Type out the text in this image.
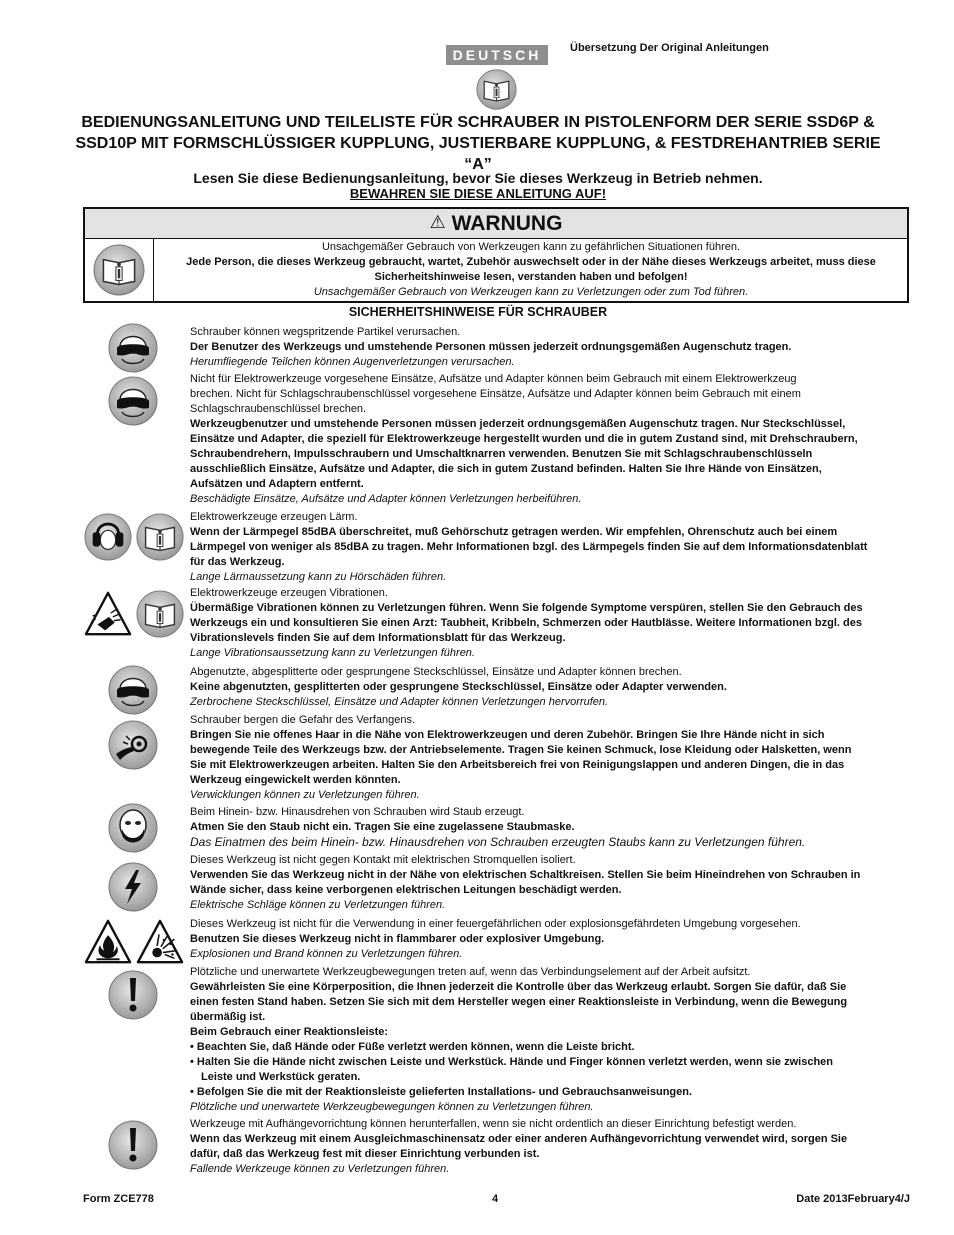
DEUTSCH	Übersetzung Der Original Anleitungen
BEDIENUNGSANLEITUNG UND TEILELISTE FÜR SCHRAUBER IN PISTOLENFORM DER SERIE SSD6P & SSD10P MIT FORMSCHLÜSSIGER KUPPLUNG, JUSTIERBARE KUPPLUNG, & FESTDREHANTRIEB SERIE “A”
Lesen Sie diese Bedienungsanleitung, bevor Sie dieses Werkzeug in Betrieb nehmen.
BEWAHREN SIE DIESE ANLEITUNG AUF!
⚠ WARNUNG
Unsachgemäßer Gebrauch von Werkzeugen kann zu gefährlichen Situationen führen.
Jede Person, die dieses Werkzeug gebraucht, wartet, Zubehör auswechselt oder in der Nähe dieses Werkzeugs arbeitet, muss diese
Sicherheitshinweise lesen, verstanden haben und befolgen!
Unsachgemäßer Gebrauch von Werkzeugen kann zu Verletzungen oder zum Tod führen.
SICHERHEITSHINWEISE FÜR SCHRAUBER
Schrauber können wegspritzende Partikel verursachen.
Der Benutzer des Werkzeugs und umstehende Personen müssen jederzeit ordnungsgemäßen Augenschutz tragen.
Herumfliegende Teilchen können Augenverletzungen verursachen.
Nicht für Elektrowerkzeuge vorgesehene Einsätze, Aufsätze und Adapter können beim Gebrauch mit einem Elektrowerkzeug
brechen. Nicht für Schlagschraubenschlüssel vorgesehene Einsätze, Aufsätze und Adapter können beim Gebrauch mit einem
Schlagschraubenschlüssel brechen.
Werkzeugbenutzer und umstehende Personen müssen jederzeit ordnungsgemäßen Augenschutz tragen. Nur Steckschlüssel,
Einsätze und Adapter, die speziell für Elektrowerkzeuge hergestellt wurden und die in gutem Zustand sind, mit Drehschraubern,
Schraubendrehern, Impulsschraubern und Umschaltknarren verwenden. Benutzen Sie mit Schlagschraubenschlüsseln
ausschließlich Einsätze, Aufsätze und Adapter, die sich in gutem Zustand befinden. Halten Sie Ihre Hände von Einsätzen,
Aufsätzen und Adaptern entfernt.
Beschädigte Einsätze, Aufsätze und Adapter können Verletzungen herbeiführen.
Elektrowerkzeuge erzeugen Lärm.
Wenn der Lärmpegel 85dBA überschreitet, muß Gehörschutz getragen werden. Wir empfehlen, Ohrenschutz auch bei einem
Lärmpegel von weniger als 85dBA zu tragen. Mehr Informationen bzgl. des Lärmpegels finden Sie auf dem Informationsdatenblatt
für das Werkzeug.
Lange Lärmaussetzung kann zu Hörschäden führen.
Elektrowerkzeuge erzeugen Vibrationen.
Übermäßige Vibrationen können zu Verletzungen führen. Wenn Sie folgende Symptome verspüren, stellen Sie den Gebrauch des
Werkzeugs ein und konsultieren Sie einen Arzt: Taubheit, Kribbeln, Schmerzen oder Hautblässe. Weitere Informationen bzgl. des
Vibrationslevels finden Sie auf dem Informationsblatt für das Werkzeug.
Lange Vibrationsaussetzung kann zu Verletzungen führen.
Abgenutzte, abgesplitterte oder gesprungene Steckschlüssel, Einsätze und Adapter können brechen.
Keine abgenutzten, gesplitterten oder gesprungene Steckschlüssel, Einsätze oder Adapter verwenden.
Zerbrochene Steckschlüssel, Einsätze und Adapter können Verletzungen hervorrufen.
Schrauber bergen die Gefahr des Verfangens.
Bringen Sie nie offenes Haar in die Nähe von Elektrowerkzeugen und deren Zubehör. Bringen Sie Ihre Hände nicht in sich
bewegende Teile des Werkzeugs bzw. der Antriebselemente. Tragen Sie keinen Schmuck, lose Kleidung oder Halsketten, wenn
Sie mit Elektrowerkzeugen arbeiten. Halten Sie den Arbeitsbereich frei von Reinigungslappen und anderen Dingen, die in das
Werkzeug eingewickelt werden könnten.
Verwicklungen können zu Verletzungen führen.
Beim Hinein- bzw. Hinausdrehen von Schrauben wird Staub erzeugt.
Atmen Sie den Staub nicht ein. Tragen Sie eine zugelassene Staubmaske.
Das Einatmen des beim Hinein- bzw. Hinausdrehen von Schrauben erzeugten Staubs kann zu Verletzungen führen.
Dieses Werkzeug ist nicht gegen Kontakt mit elektrischen Stromquellen isoliert.
Verwenden Sie das Werkzeug nicht in der Nähe von elektrischen Schaltkreisen. Stellen Sie beim Hineindrehen von Schrauben in
Wände sicher, dass keine verborgenen elektrischen Leitungen beschädigt werden.
Elektrische Schläge können zu Verletzungen führen.
Dieses Werkzeug ist nicht für die Verwendung in einer feuergefährlichen oder explosionsgefährdeten Umgebung vorgesehen.
Benutzen Sie dieses Werkzeug nicht in flammbarer oder explosiver Umgebung.
Explosionen und Brand können zu Verletzungen führen.
Plötzliche und unerwartete Werkzeugbewegungen treten auf, wenn das Verbindungselement auf der Arbeit aufsitzt.
Gewährleisten Sie eine Körperposition, die Ihnen jederzeit die Kontrolle über das Werkzeug erlaubt. Sorgen Sie dafür, daß Sie
einen festen Stand haben. Setzen Sie sich mit dem Hersteller wegen einer Reaktionsleiste in Verbindung, wenn die Bewegung
übermäßig ist.
Beim Gebrauch einer Reaktionsleiste:
• Beachten Sie, daß Hände oder Füße verletzt werden können, wenn die Leiste bricht.
• Halten Sie die Hände nicht zwischen Leiste und Werkstück. Hände und Finger können verletzt werden, wenn sie zwischen
Leiste und Werkstück geraten.
• Befolgen Sie die mit der Reaktionsleiste gelieferten Installations- und Gebrauchsanweisungen.
Plötzliche und unerwartete Werkzeugbewegungen können zu Verletzungen führen.
Werkzeuge mit Aufhängevorrichtung können herunterfallen, wenn sie nicht ordentlich an dieser Einrichtung befestigt werden.
Wenn das Werkzeug mit einem Ausgleichmaschinensatz oder einer anderen Aufhängevorrichtung verwendet wird, sorgen Sie
dafür, daß das Werkzeug fest mit dieser Einrichtung verbunden ist.
Fallende Werkzeuge können zu Verletzungen führen.
Form ZCE778	4	Date 2013February4/J
